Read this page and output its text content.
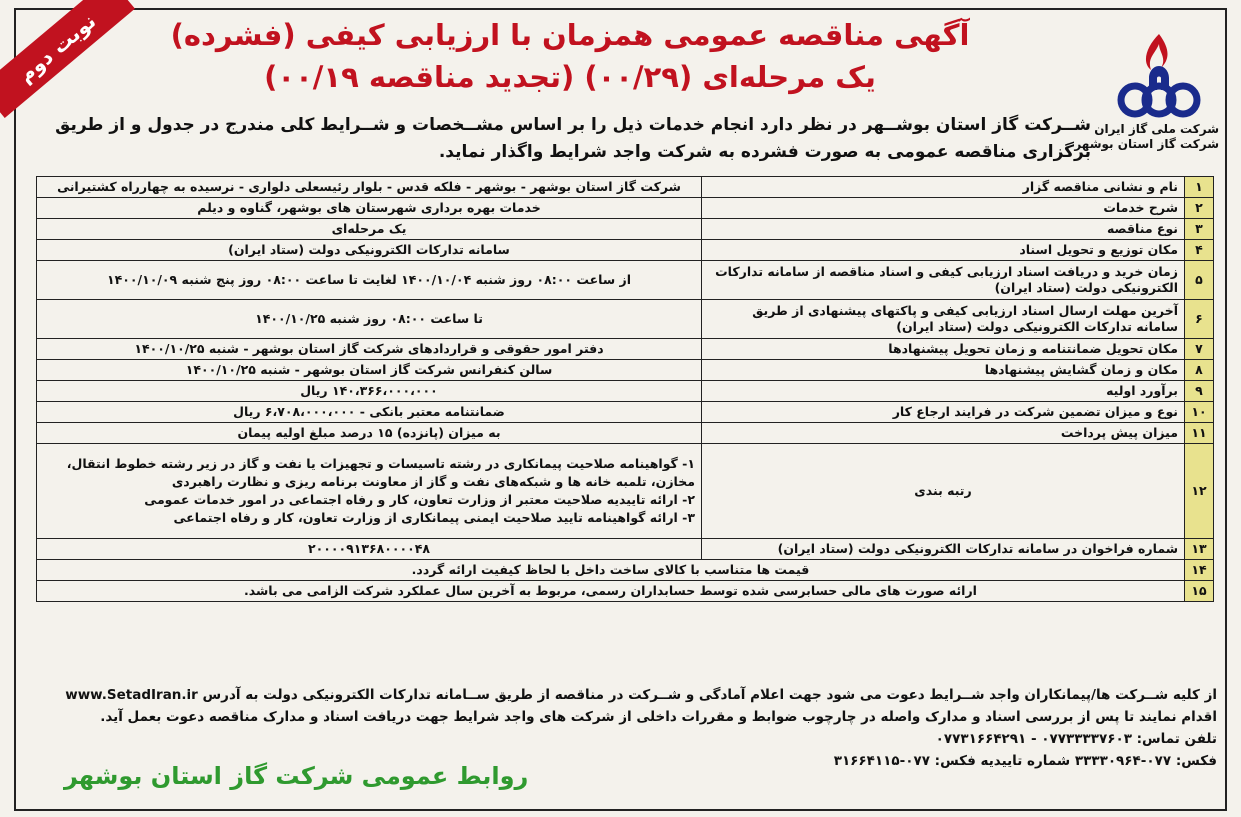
نوبت دوم
شرکت ملی گاز ایران
شرکت گاز استان بوشهر
آگهی مناقصه عمومی همزمان با ارزیابی کیفی (فشرده)
یک مرحله‌ای (۰۰/۲۹) (تجدید مناقصه ۰۰/۱۹)
شــرکت گاز استان بوشــهر در نظر دارد انجام خدمات ذیل را بر اساس مشــخصات و شــرایط کلی مندرج در جدول و از طریق برگزاری مناقصه عمومی به صورت فشرده به شرکت واجد شرایط واگذار نماید.
۱	نام و نشانی مناقصه گزار	شرکت گاز استان بوشهر - بوشهر - فلکه قدس - بلوار رئیسعلی دلواری - نرسیده به چهارراه کشتیرانی
۲	شرح خدمات	خدمات بهره برداری شهرستان های بوشهر، گناوه و دیلم
۳	نوع مناقصه	یک مرحله‌ای
۴	مکان توزیع و تحویل اسناد	سامانه تدارکات الکترونیکی دولت (ستاد ایران)
۵	زمان خرید و دریافت اسناد ارزیابی کیفی و اسناد مناقصه از سامانه تدارکات الکترونیکی دولت (ستاد ایران)	از ساعت ۰۸:۰۰ روز شنبه ۱۴۰۰/۱۰/۰۴ لغایت تا ساعت ۰۸:۰۰ روز پنج شنبه ۱۴۰۰/۱۰/۰۹
۶	آخرین مهلت ارسال اسناد ارزیابی کیفی و پاکتهای پیشنهادی از طریق سامانه تدارکات الکترونیکی دولت (ستاد ایران)	تا ساعت ۰۸:۰۰ روز شنبه ۱۴۰۰/۱۰/۲۵
۷	مکان تحویل ضمانتنامه و زمان تحویل پیشنهادها	دفتر امور حقوقی و قراردادهای شرکت گاز استان بوشهر - شنبه ۱۴۰۰/۱۰/۲۵
۸	مکان و زمان گشایش پیشنهادها	سالن کنفرانس شرکت گاز استان بوشهر - شنبه ۱۴۰۰/۱۰/۲۵
۹	برآورد اولیه	۱۴۰،۳۶۶،۰۰۰،۰۰۰ ریال
۱۰	نوع و میزان تضمین شرکت در فرایند ارجاع کار	ضمانتنامه معتبر بانکی - ۶،۷۰۸،۰۰۰،۰۰۰ ریال
۱۱	میزان پیش پرداخت	به میزان (پانزده) ۱۵ درصد مبلغ اولیه پیمان
۱۲	رتبه بندی	۱- گواهینامه صلاحیت پیمانکاری در رشته تاسیسات و تجهیزات یا نفت و گاز در زیر رشته خطوط انتقال، مخازن، تلمبه خانه ها و شبکه‌های نفت و گاز از معاونت برنامه ریزی و نظارت راهبردی
۲- ارائه تاییدیه صلاحیت معتبر از وزارت تعاون، کار و رفاه اجتماعی در امور خدمات عمومی
۳- ارائه گواهینامه تایید صلاحیت ایمنی پیمانکاری از وزارت تعاون، کار و رفاه اجتماعی

۱۳	شماره فراخوان در سامانه تدارکات الکترونیکی دولت (ستاد ایران)	۲۰۰۰۰۹۱۳۶۸۰۰۰۰۴۸
۱۴	قیمت ها متناسب با کالای ساخت داخل با لحاظ کیفیت ارائه گردد.	
۱۵	ارائه صورت های مالی حسابرسی شده توسط حسابداران رسمی، مربوط به آخرین سال عملکرد شرکت الزامی می باشد.	
از کلیه شــرکت ها/پیمانکاران واجد شــرایط دعوت می شود جهت اعلام آمادگی و شــرکت در مناقصه از طریق ســامانه تدارکات الکترونیکی دولت به آدرس www.SetadIran.ir اقدام نمایند تا پس از بررسی اسناد و مدارک واصله در چارچوب ضوابط و مقررات داخلی از شرکت های واجد شرایط جهت دریافت اسناد و مدارک مناقصه دعوت بعمل آید.
تلفن تماس: ۰۷۷۳۳۳۳۷۶۰۳ - ۰۷۷۳۱۶۶۴۲۹۱
فکس: ۰۷۷-۳۳۳۳۰۹۶۴ شماره تاییدیه فکس: ۰۷۷-۳۱۶۶۴۱۱۵
روابط عمومی شرکت گاز استان بوشهر
